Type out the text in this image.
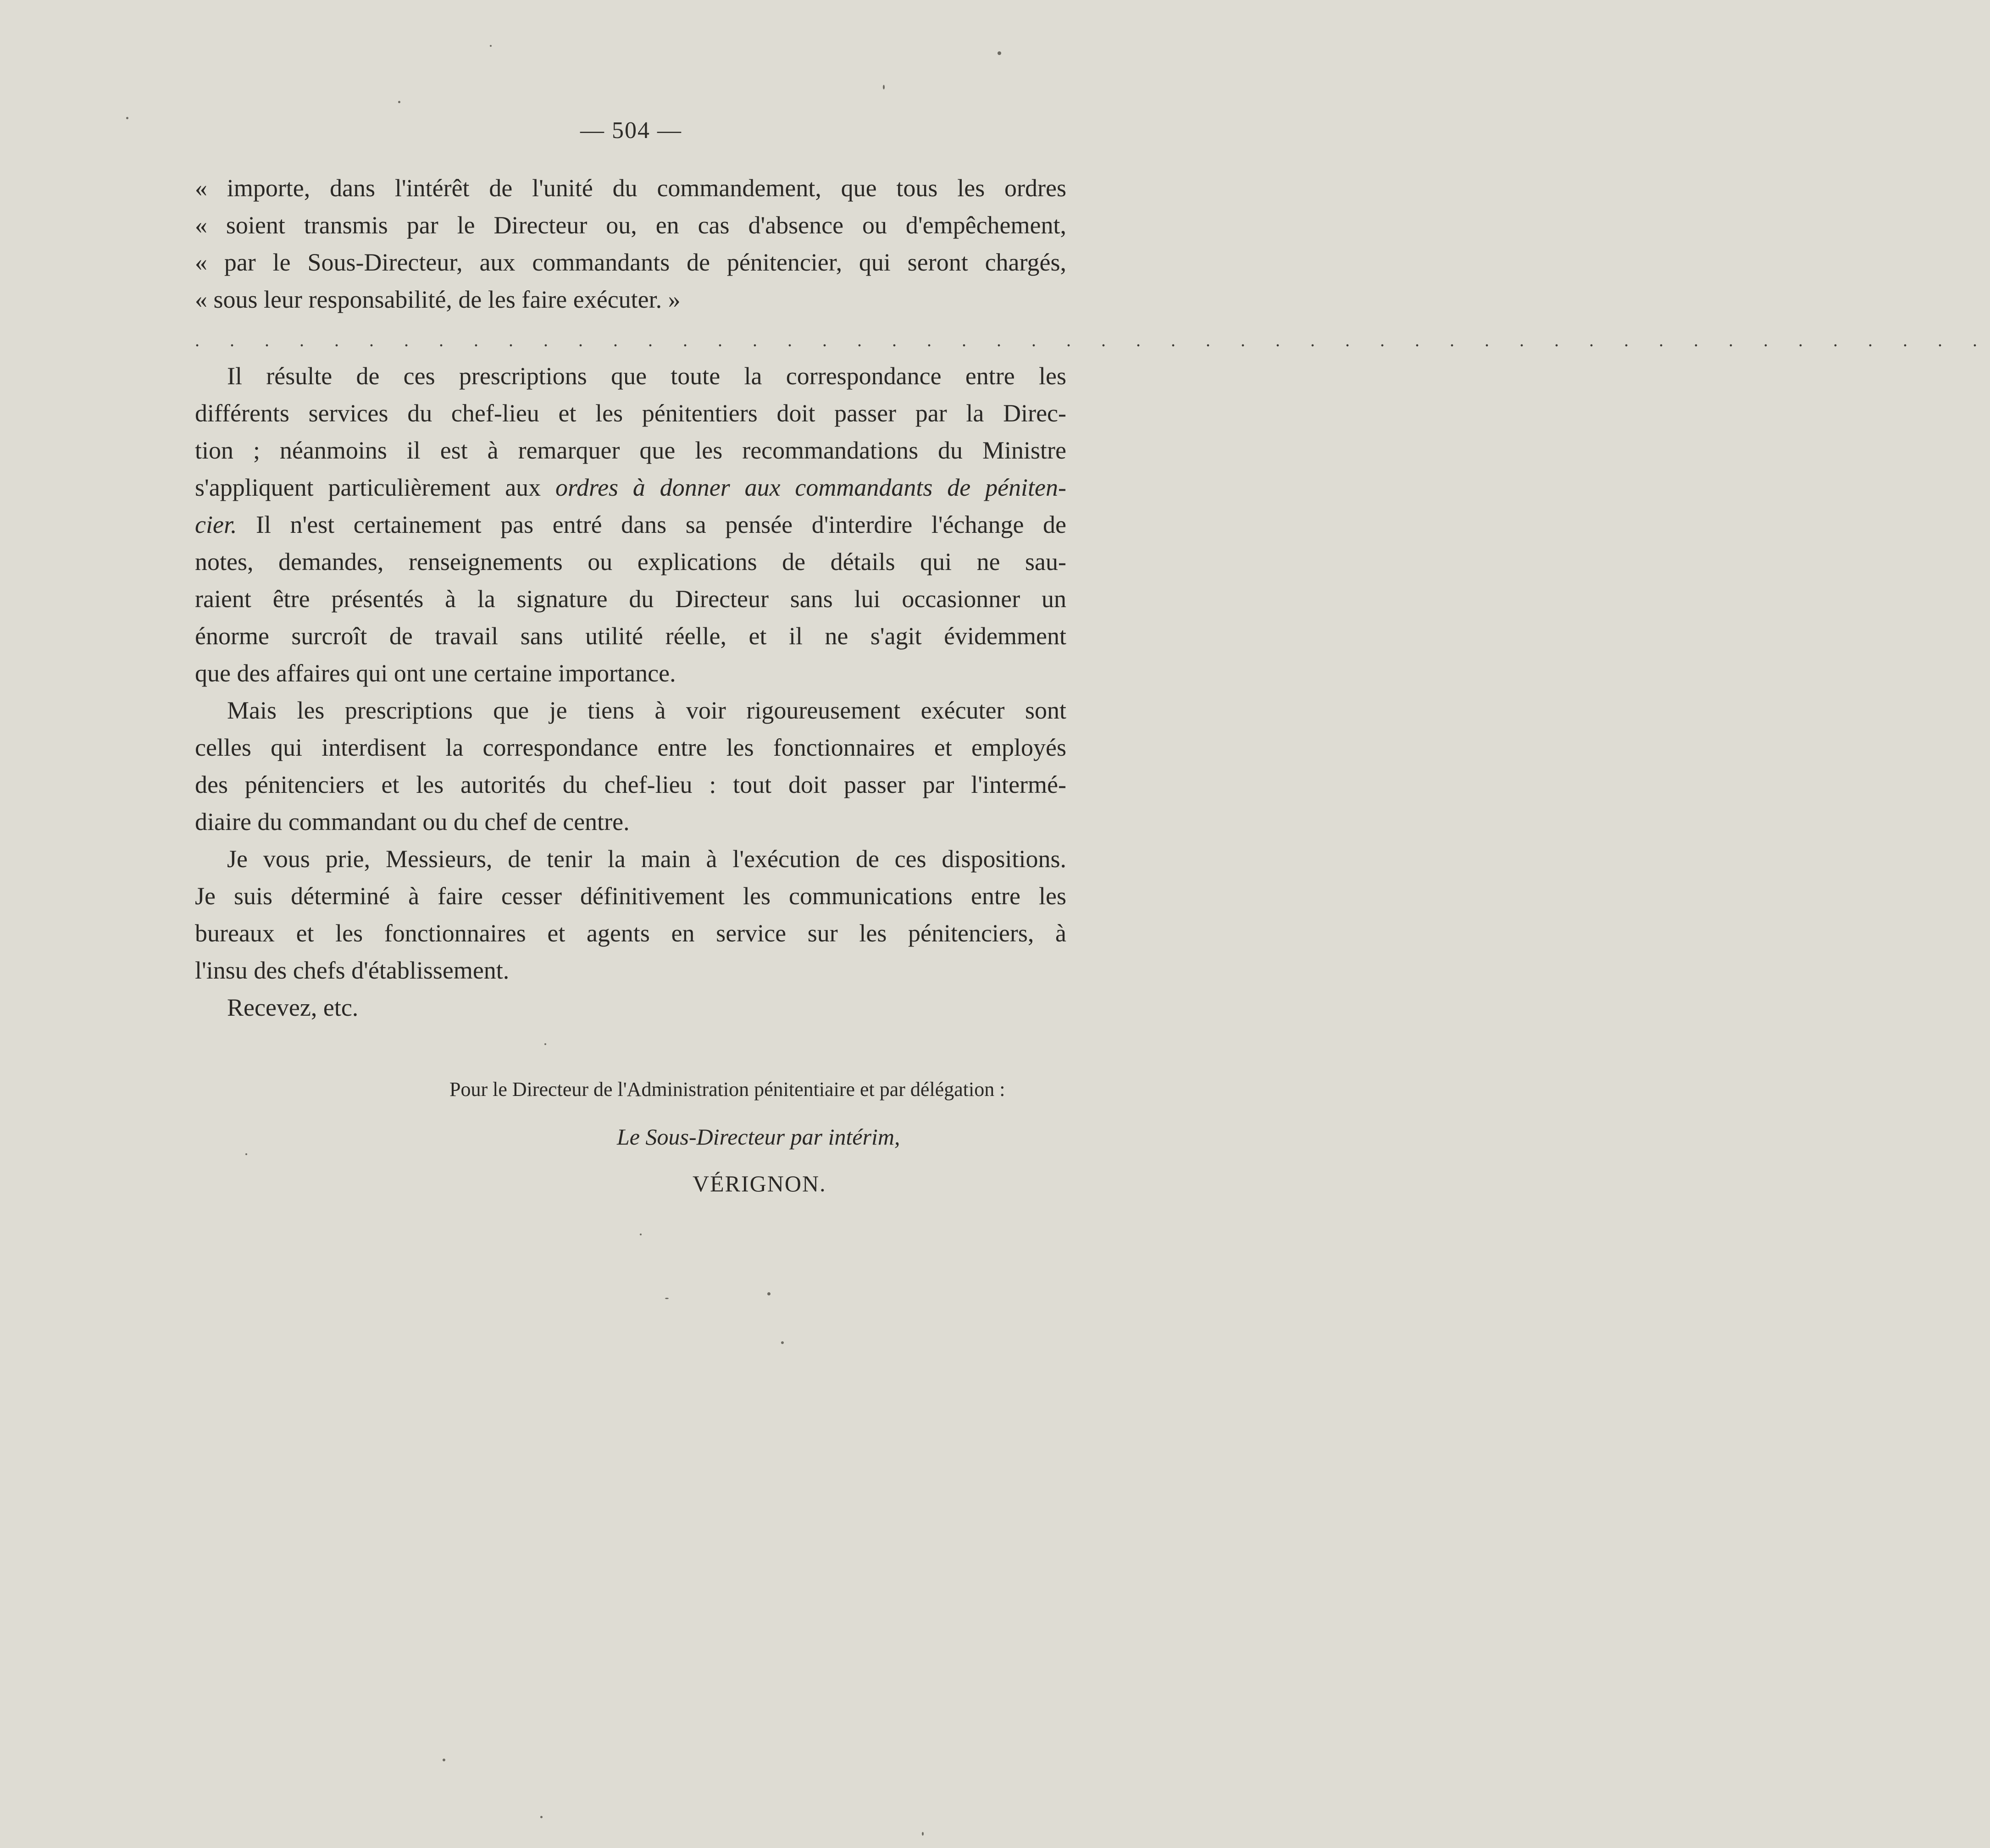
— 504 —
« importe, dans l'intérêt de l'unité du commandement, que tous les ordres
« soient transmis par le Directeur ou, en cas d'absence ou d'empêchement,
« par le Sous-Directeur, aux commandants de pénitencier, qui seront chargés,
« sous leur responsabilité, de les faire exécuter. »
. . . . . . . . . . . . . . . . . . . . . . . . . . . . . . . . . . . . . . . . . . . . . . . . . . . .
Il résulte de ces prescriptions que toute la correspondance entre les
différents services du chef-lieu et les pénitentiers doit passer par la Direc-
tion ; néanmoins il est à remarquer que les recommandations du Ministre
s'appliquent particulièrement aux ordres à donner aux commandants de péniten-
cier. Il n'est certainement pas entré dans sa pensée d'interdire l'échange de
notes, demandes, renseignements ou explications de détails qui ne sau-
raient être présentés à la signature du Directeur sans lui occasionner un
énorme surcroît de travail sans utilité réelle, et il ne s'agit évidemment
que des affaires qui ont une certaine importance.
Mais les prescriptions que je tiens à voir rigoureusement exécuter sont
celles qui interdisent la correspondance entre les fonctionnaires et employés
des pénitenciers et les autorités du chef-lieu : tout doit passer par l'intermé-
diaire du commandant ou du chef de centre.
Je vous prie, Messieurs, de tenir la main à l'exécution de ces dispositions.
Je suis déterminé à faire cesser définitivement les communications entre les
bureaux et les fonctionnaires et agents en service sur les pénitenciers, à
l'insu des chefs d'établissement.
Recevez, etc.
Pour le Directeur de l'Administration pénitentiaire et par délégation :
Le Sous-Directeur par intérim,
VÉRIGNON.
